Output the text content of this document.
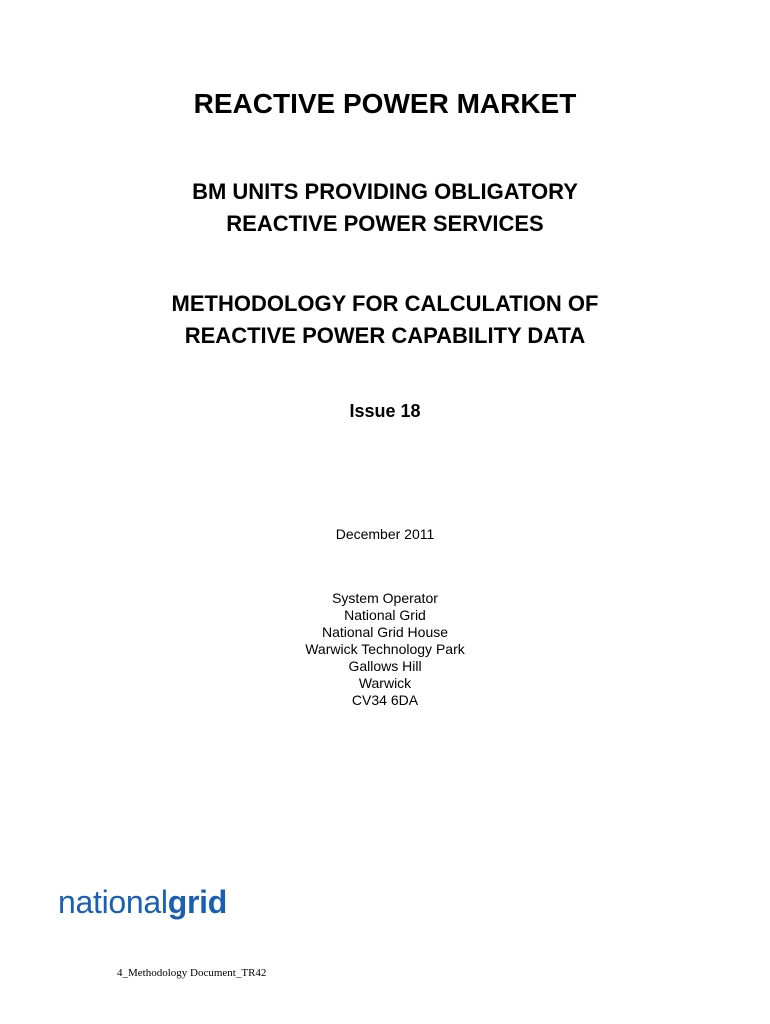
REACTIVE POWER MARKET
BM UNITS PROVIDING OBLIGATORY
REACTIVE POWER SERVICES
METHODOLOGY FOR CALCULATION OF
REACTIVE POWER CAPABILITY DATA
Issue 18
December 2011
System Operator
National Grid
National Grid House
Warwick Technology Park
Gallows Hill
Warwick
CV34 6DA
nationalgrid
4_Methodology Document_TR42
